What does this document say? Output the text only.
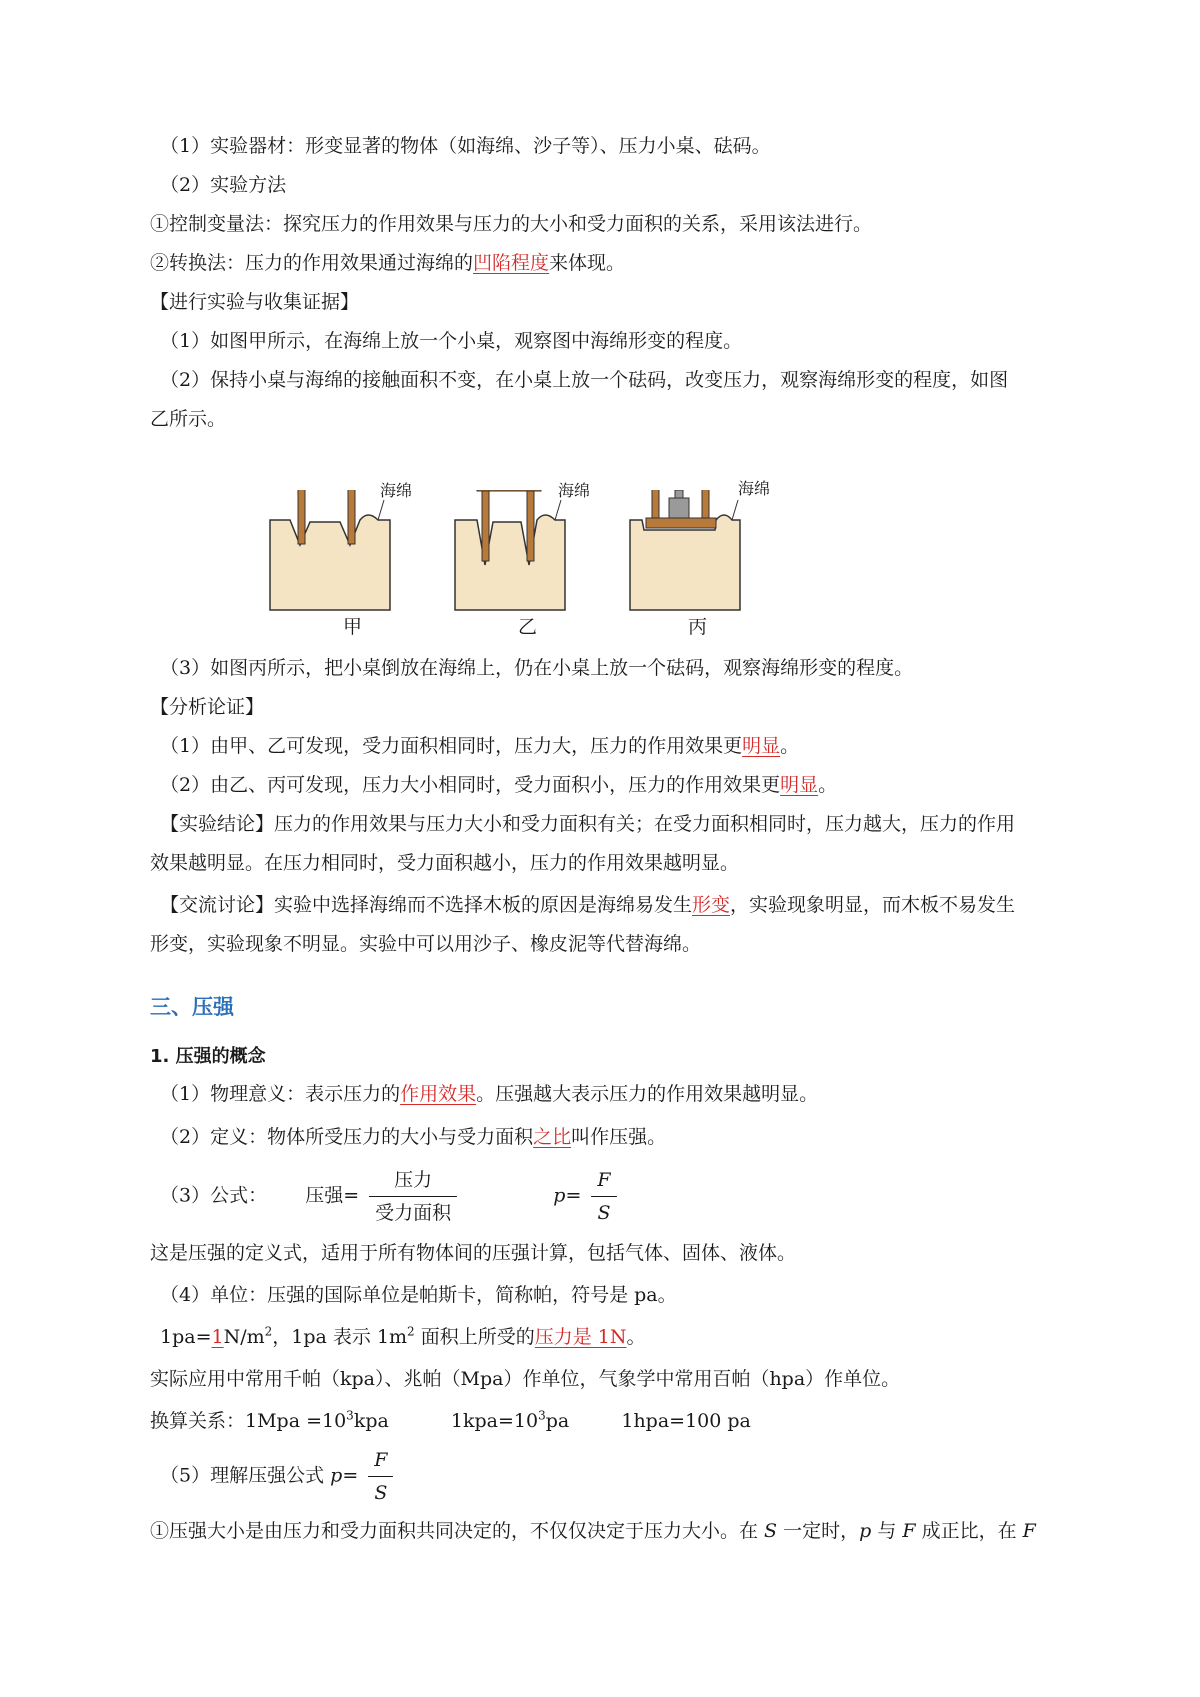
（1）实验器材：形变显著的物体（如海绵、沙子等）、压力小桌、砝码。
（2）实验方法
①控制变量法：探究压力的作用效果与压力的大小和受力面积的关系，采用该法进行。
②转换法：压力的作用效果通过海绵的凹陷程度来体现。
【进行实验与收集证据】
（1）如图甲所示，在海绵上放一个小桌，观察图中海绵形变的程度。
（2）保持小桌与海绵的接触面积不变，在小桌上放一个砝码，改变压力，观察海绵形变的程度，如图
乙所示。
海绵	海绵	海绵
甲	乙	丙
（3）如图丙所示，把小桌倒放在海绵上，仍在小桌上放一个砝码，观察海绵形变的程度。
【分析论证】
（1）由甲、乙可发现，受力面积相同时，压力大，压力的作用效果更明显。
（2）由乙、丙可发现，压力大小相同时，受力面积小，压力的作用效果更明显。
【实验结论】压力的作用效果与压力大小和受力面积有关；在受力面积相同时，压力越大，压力的作用
效果越明显。在压力相同时，受力面积越小，压力的作用效果越明显。
【交流讨论】实验中选择海绵而不选择木板的原因是海绵易发生形变，实验现象明显，而木板不易发生
形变，实验现象不明显。实验中可以用沙子、橡皮泥等代替海绵。
三、压强
1. 压强的概念
（1）物理意义：表示压力的作用效果。压强越大表示压力的作用效果越明显。
（2）定义：物体所受压力的大小与受力面积之比叫作压强。
（3）公式： 压强= $\frac{\text{压力}}{\text{受力面积}}$	$p= \frac{F}{S}$
这是压强的定义式，适用于所有物体间的压强计算，包括气体、固体、液体。
（4）单位：压强的国际单位是帕斯卡，简称帕，符号是 pa。
$1pa=1N/m^2$，1pa 表示 $1m^2$ 面积上所受的压力是 1N。
实际应用中常用千帕（kpa）、兆帕（Mpa）作单位，气象学中常用百帕（hpa）作单位。
换算关系：$1Mpa =10^3kpa$	$1kpa=10^3pa$	1hpa=100 pa
（5）理解压强公式 $p= \frac{F}{S}$
①压强大小是由压力和受力面积共同决定的，不仅仅决定于压力大小。在 S 一定时，p 与 F 成正比，在 F
